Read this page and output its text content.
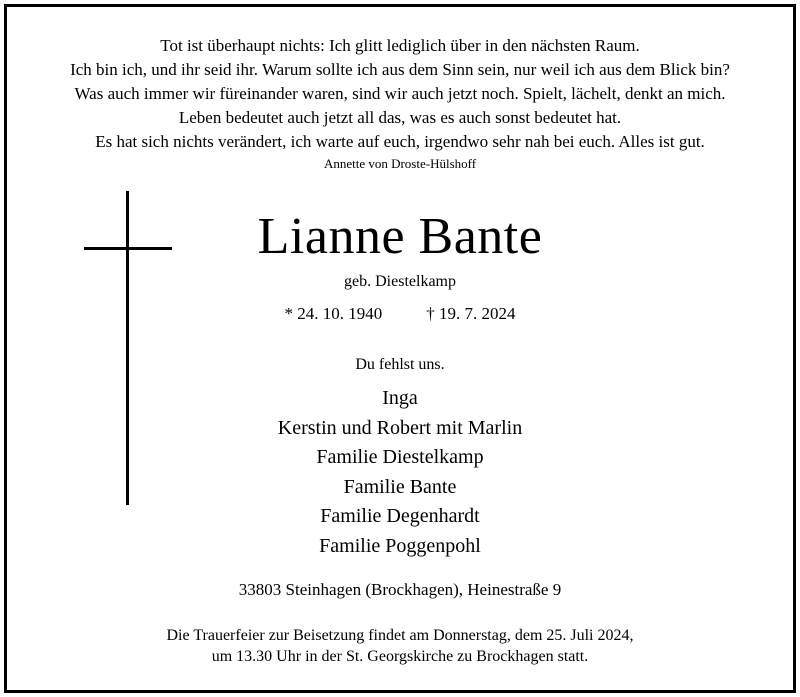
Tot ist überhaupt nichts: Ich glitt lediglich über in den nächsten Raum.
Ich bin ich, und ihr seid ihr. Warum sollte ich aus dem Sinn sein, nur weil ich aus dem Blick bin?
Was auch immer wir füreinander waren, sind wir auch jetzt noch. Spielt, lächelt, denkt an mich.
Leben bedeutet auch jetzt all das, was es auch sonst bedeutet hat.
Es hat sich nichts verändert, ich warte auf euch, irgendwo sehr nah bei euch. Alles ist gut.
Annette von Droste-Hülshoff
Lianne Bante
geb. Diestelkamp
* 24. 10. 1940	† 19. 7. 2024
Du fehlst uns.
Inga
Kerstin und Robert mit Marlin
Familie Diestelkamp
Familie Bante
Familie Degenhardt
Familie Poggenpohl
33803 Steinhagen (Brockhagen), Heinestraße 9
Die Trauerfeier zur Beisetzung findet am Donnerstag, dem 25. Juli 2024,
um 13.30 Uhr in der St. Georgskirche zu Brockhagen statt.
